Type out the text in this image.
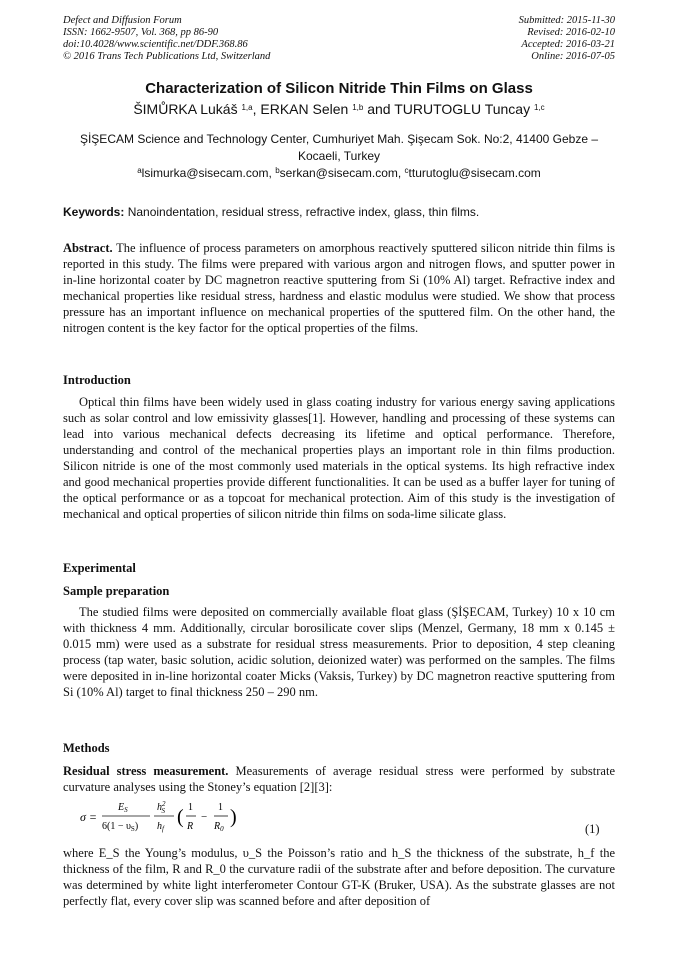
Defect and Diffusion Forum
ISSN: 1662-9507, Vol. 368, pp 86-90
doi:10.4028/www.scientific.net/DDF.368.86
© 2016 Trans Tech Publications Ltd, Switzerland
Submitted: 2015-11-30
Revised: 2016-02-10
Accepted: 2016-03-21
Online: 2016-07-05
Characterization of Silicon Nitride Thin Films on Glass
ŠIMŮRKA Lukáš $^{1,a}$, ERKAN Selen $^{1,b}$ and TURUTOGLU Tuncay $^{1,c}$
ŞİŞECAM Science and Technology Center, Cumhuriyet Mah. Şişecam Sok. No:2, 41400 Gebze – Kocaeli, Turkey
$^a$lsimurka@sisecam.com, $^b$serkan@sisecam.com, $^c$tturutoglu@sisecam.com
Keywords: Nanoindentation, residual stress, refractive index, glass, thin films.
Abstract. The influence of process parameters on amorphous reactively sputtered silicon nitride thin films is reported in this study. The films were prepared with various argon and nitrogen flows, and sputter power in in-line horizontal coater by DC magnetron reactive sputtering from Si (10% Al) target. Refractive index and mechanical properties like residual stress, hardness and elastic modulus were studied. We show that process pressure has an important influence on mechanical properties of the sputtered film. On the other hand, the nitrogen content is the key factor for the optical properties of the films.
Introduction
Optical thin films have been widely used in glass coating industry for various energy saving applications such as solar control and low emissivity glasses[1]. However, handling and processing of these systems can lead into various mechanical defects decreasing its lifetime and optical performance. Therefore, understanding and control of the mechanical properties plays an important role in thin films production. Silicon nitride is one of the most commonly used materials in the optical systems. Its high refractive index and good mechanical properties provide different functionalities. It can be used as a buffer layer for tuning of the optical performance or as a topcoat for mechanical protection. Aim of this study is the investigation of mechanical and optical properties of silicon nitride thin films on soda-lime silicate glass.
Experimental
Sample preparation
The studied films were deposited on commercially available float glass (ŞİŞECAM, Turkey) 10 x 10 cm with thickness 4 mm. Additionally, circular borosilicate cover slips (Menzel, Germany, 18 mm x 0.145 ± 0.015 mm) were used as a substrate for residual stress measurements. Prior to deposition, 4 step cleaning process (tap water, basic solution, acidic solution, deionized water) was performed on the samples. The films were deposited in in-line horizontal coater Micks (Vaksis, Turkey) by DC magnetron reactive sputtering from Si (10% Al) target to final thickness 250 – 290 nm.
Methods
Residual stress measurement. Measurements of average residual stress were performed by substrate curvature analyses using the Stoney’s equation [2][3]:
σ =
$E_S$
$6(1 - \upsilon_S)$
$h^2$ S
$h_f$
( 1
R
−
1
$R_0$
)
(1)
where E_S the Young’s modulus, υ_S the Poisson’s ratio and h_S the thickness of the substrate, h_f the thickness of the film, R and R_0 the curvature radii of the substrate after and before deposition. The curvature was determined by white light interferometer Contour GT-K (Bruker, USA). As the substrate glasses are not perfectly flat, every cover slip was scanned before and after deposition of
